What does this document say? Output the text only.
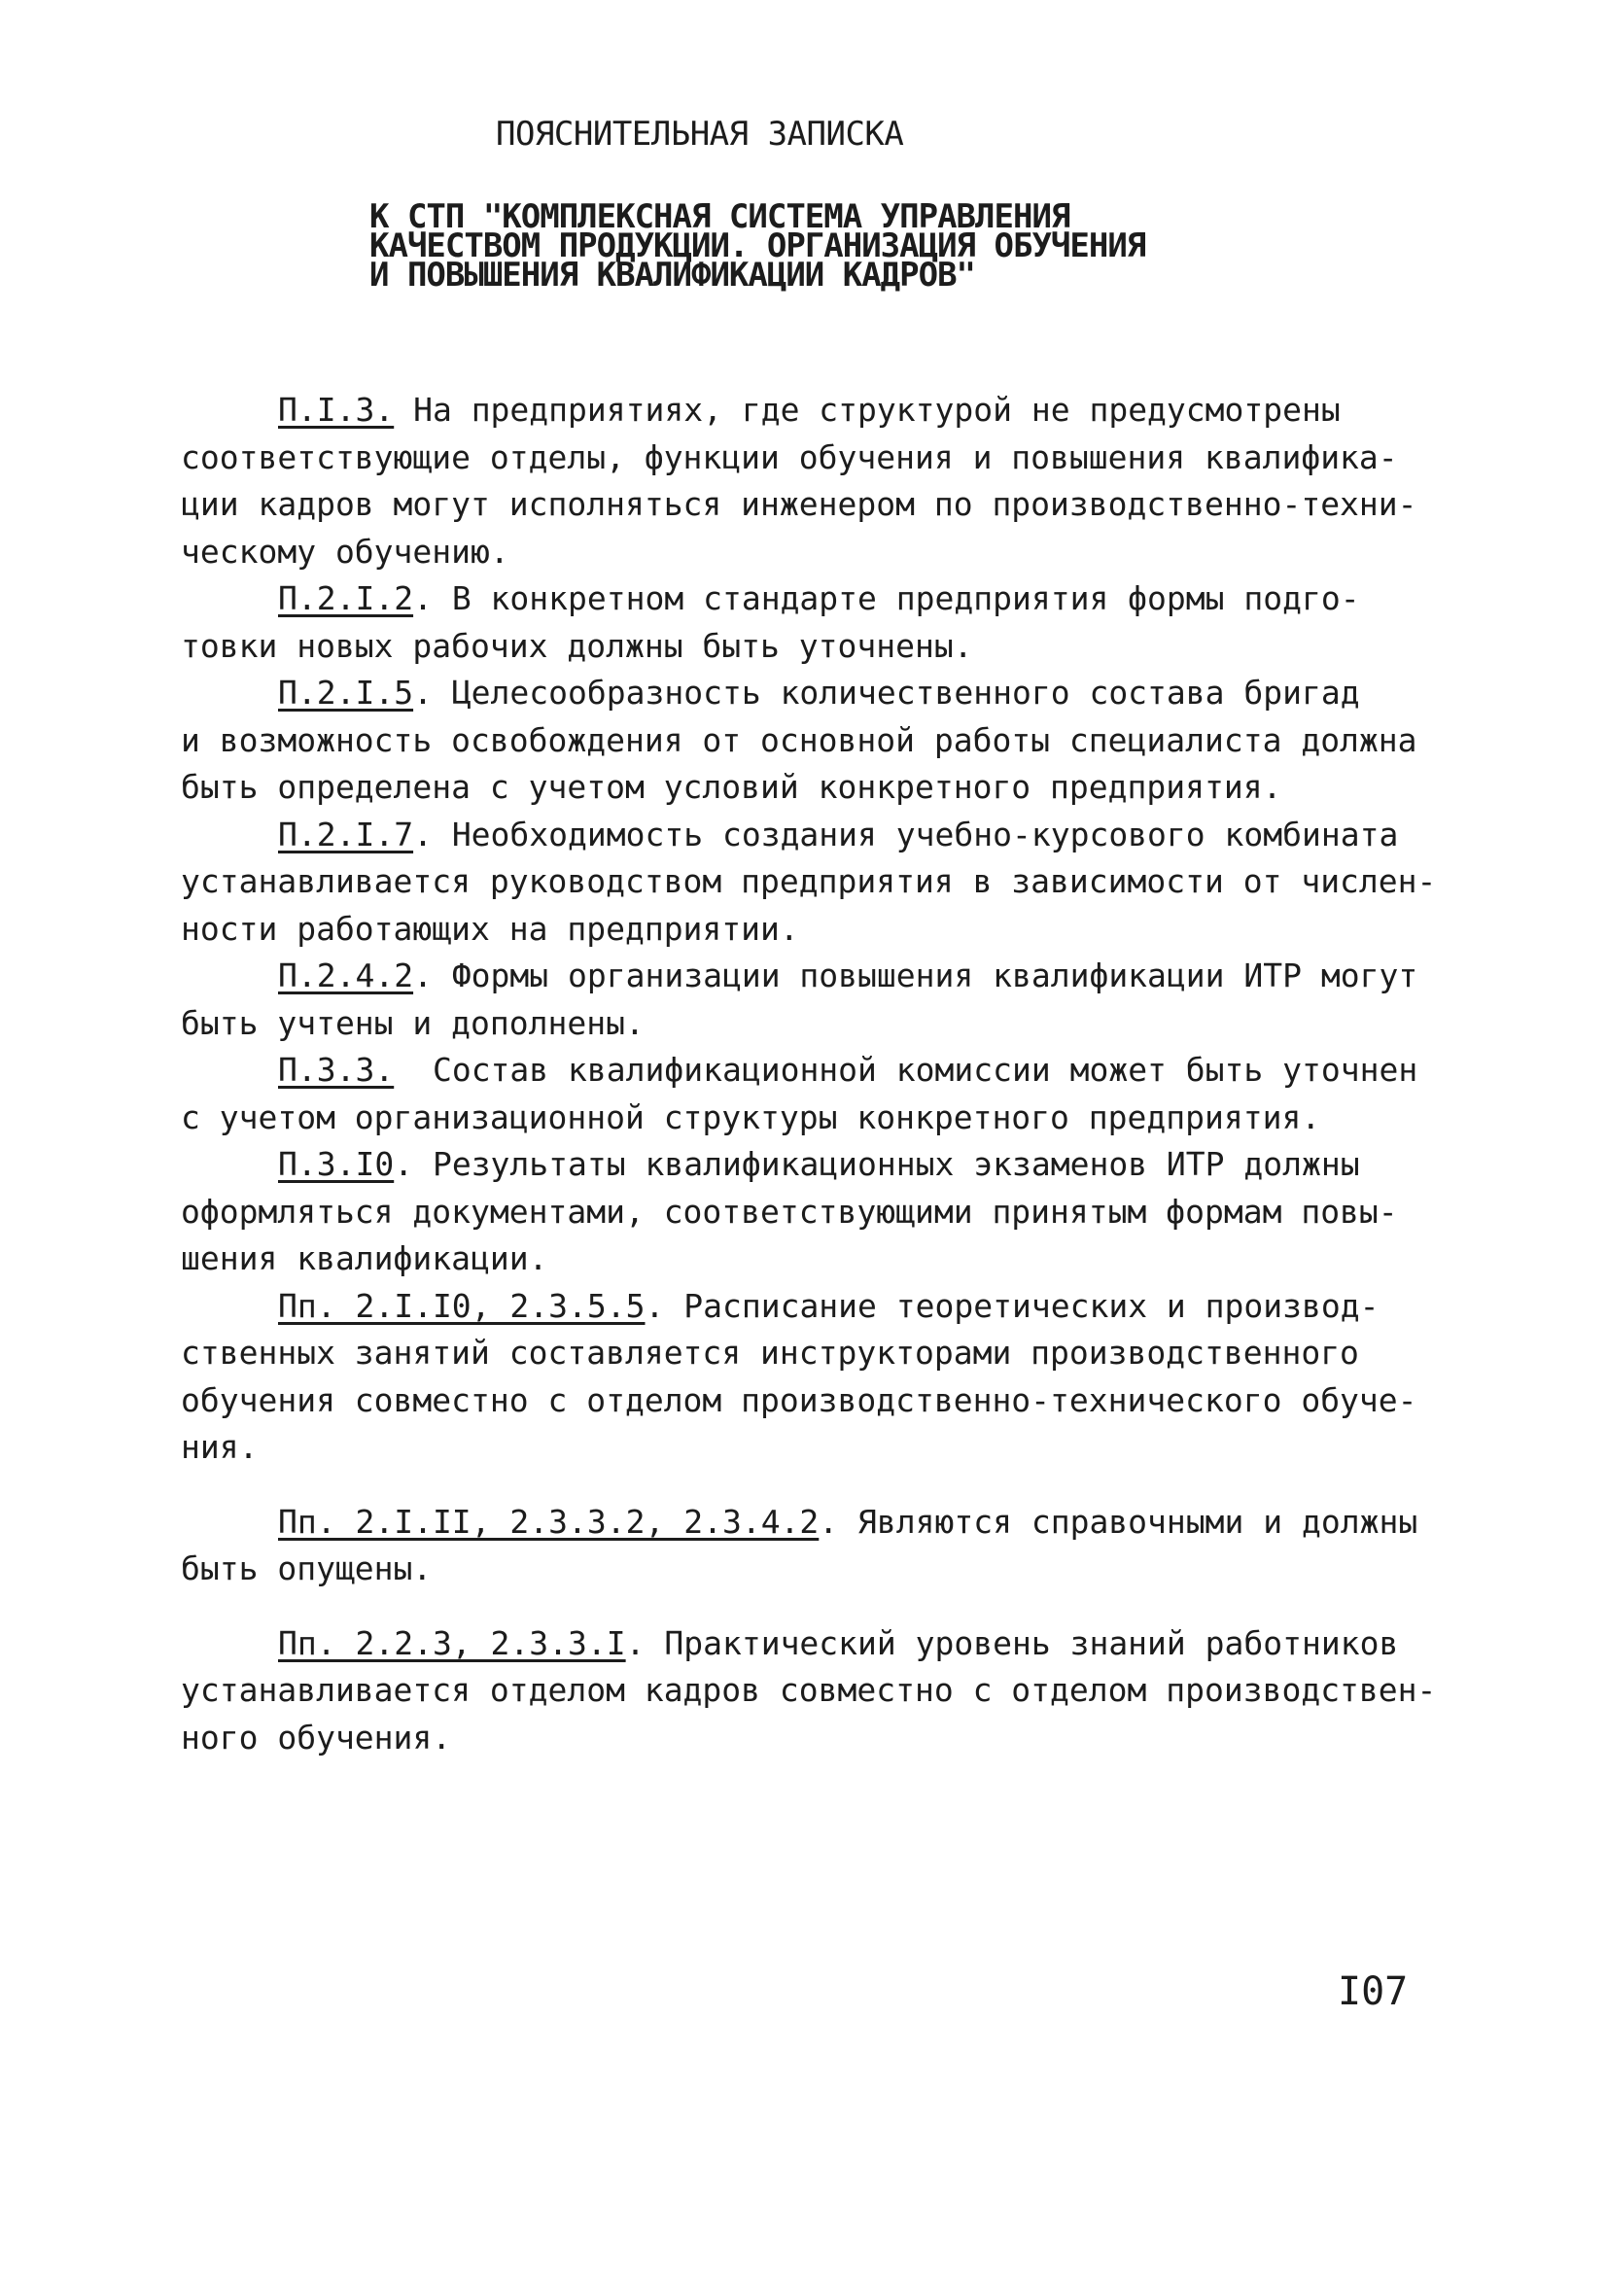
ПОЯСНИТЕЛЬНАЯ ЗАПИСКА
К СТП "КОМПЛЕКСНАЯ СИСТЕМА УПРАВЛЕНИЯ
КАЧЕСТВОМ ПРОДУКЦИИ. ОРГАНИЗАЦИЯ ОБУЧЕНИЯ
И ПОВЫШЕНИЯ КВАЛИФИКАЦИИ КАДРОВ"

П.I.3. На предприятиях, где структурой не предусмотрены
соответствующие отделы, функции обучения и повышения квалифика-
ции кадров могут исполняться инженером по производственно-техни-
ческому обучению.

П.2.I.2. В конкретном стандарте предприятия формы подго-
товки новых рабочих должны быть уточнены.

П.2.I.5. Целесообразность количественного состава бригад
и возможность освобождения от основной работы специалиста должна
быть определена с учетом условий конкретного предприятия.

П.2.I.7. Необходимость создания учебно-курсового комбината
устанавливается руководством предприятия в зависимости от числен-
ности работающих на предприятии.

П.2.4.2. Формы организации повышения квалификации ИТР могут
быть учтены и дополнены.

П.3.3.  Состав квалификационной комиссии может быть уточнен
с учетом организационной структуры конкретного предприятия.

П.3.I0. Результаты квалификационных экзаменов ИТР должны
оформляться документами, соответствующими принятым формам повы-
шения квалификации.

Пп. 2.I.I0, 2.3.5.5. Расписание теоретических и производ-
ственных занятий составляется инструкторами производственного
обучения совместно с отделом производственно-технического обуче-
ния.

Пп. 2.I.II, 2.3.3.2, 2.3.4.2. Являются справочными и должны
быть опущены.

Пп. 2.2.3, 2.3.3.I. Практический уровень знаний работников
устанавливается отделом кадров совместно с отделом производствен-
ного обучения.

I07
